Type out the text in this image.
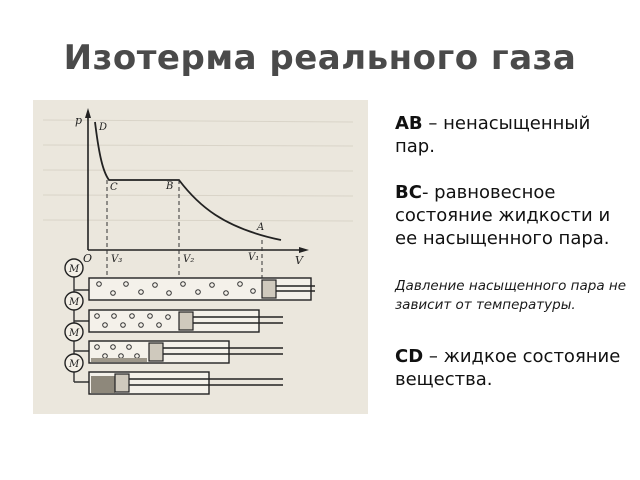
Изотерма реального газа
p
V
O
D
C	B
A
V₃	V₂	V₁
M
M
M
M

AB – ненасыщенный пар.

BC- равновесное состояние жидкости и ее насыщенного пара.

Давление насыщенного пара не зависит от температуры.

CD – жидкое состояние вещества.
